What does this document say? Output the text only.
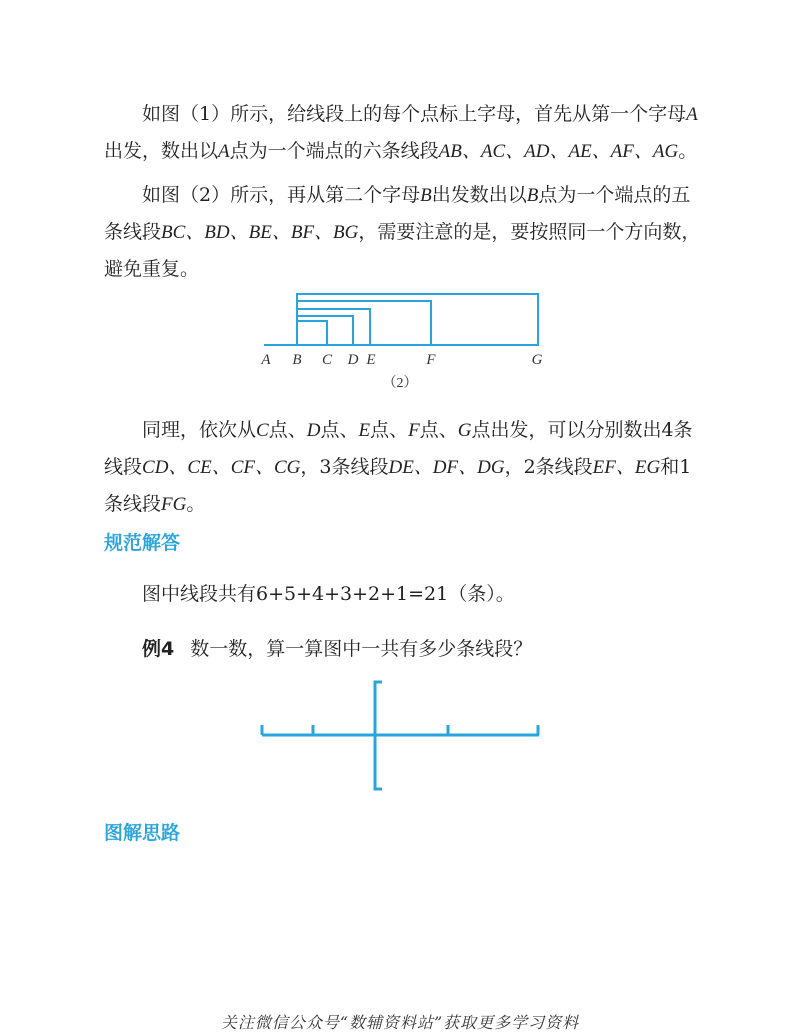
如图（1）所示，给线段上的每个点标上字母，首先从第一个字母A出发，数出以A点为一个端点的六条线段AB、AC、AD、AE、AF、AG。

如图（2）所示，再从第二个字母B出发数出以B点为一个端点的五条线段BC、BD、BE、BF、BG，需要注意的是，要按照同一个方向数，避免重复。

A B C D E	F	G
（2）

同理，依次从C点、D点、E点、F点、G点出发，可以分别数出4条线段CD、CE、CF、CG，3条线段DE、DF、DG，2条线段EF、EG和1条线段FG。

规范解答

图中线段共有6+5+4+3+2+1=21（条）。

例4 数一数，算一算图中一共有多少条线段？

图解思路
关注微信公众号“数辅资料站”获取更多学习资料
